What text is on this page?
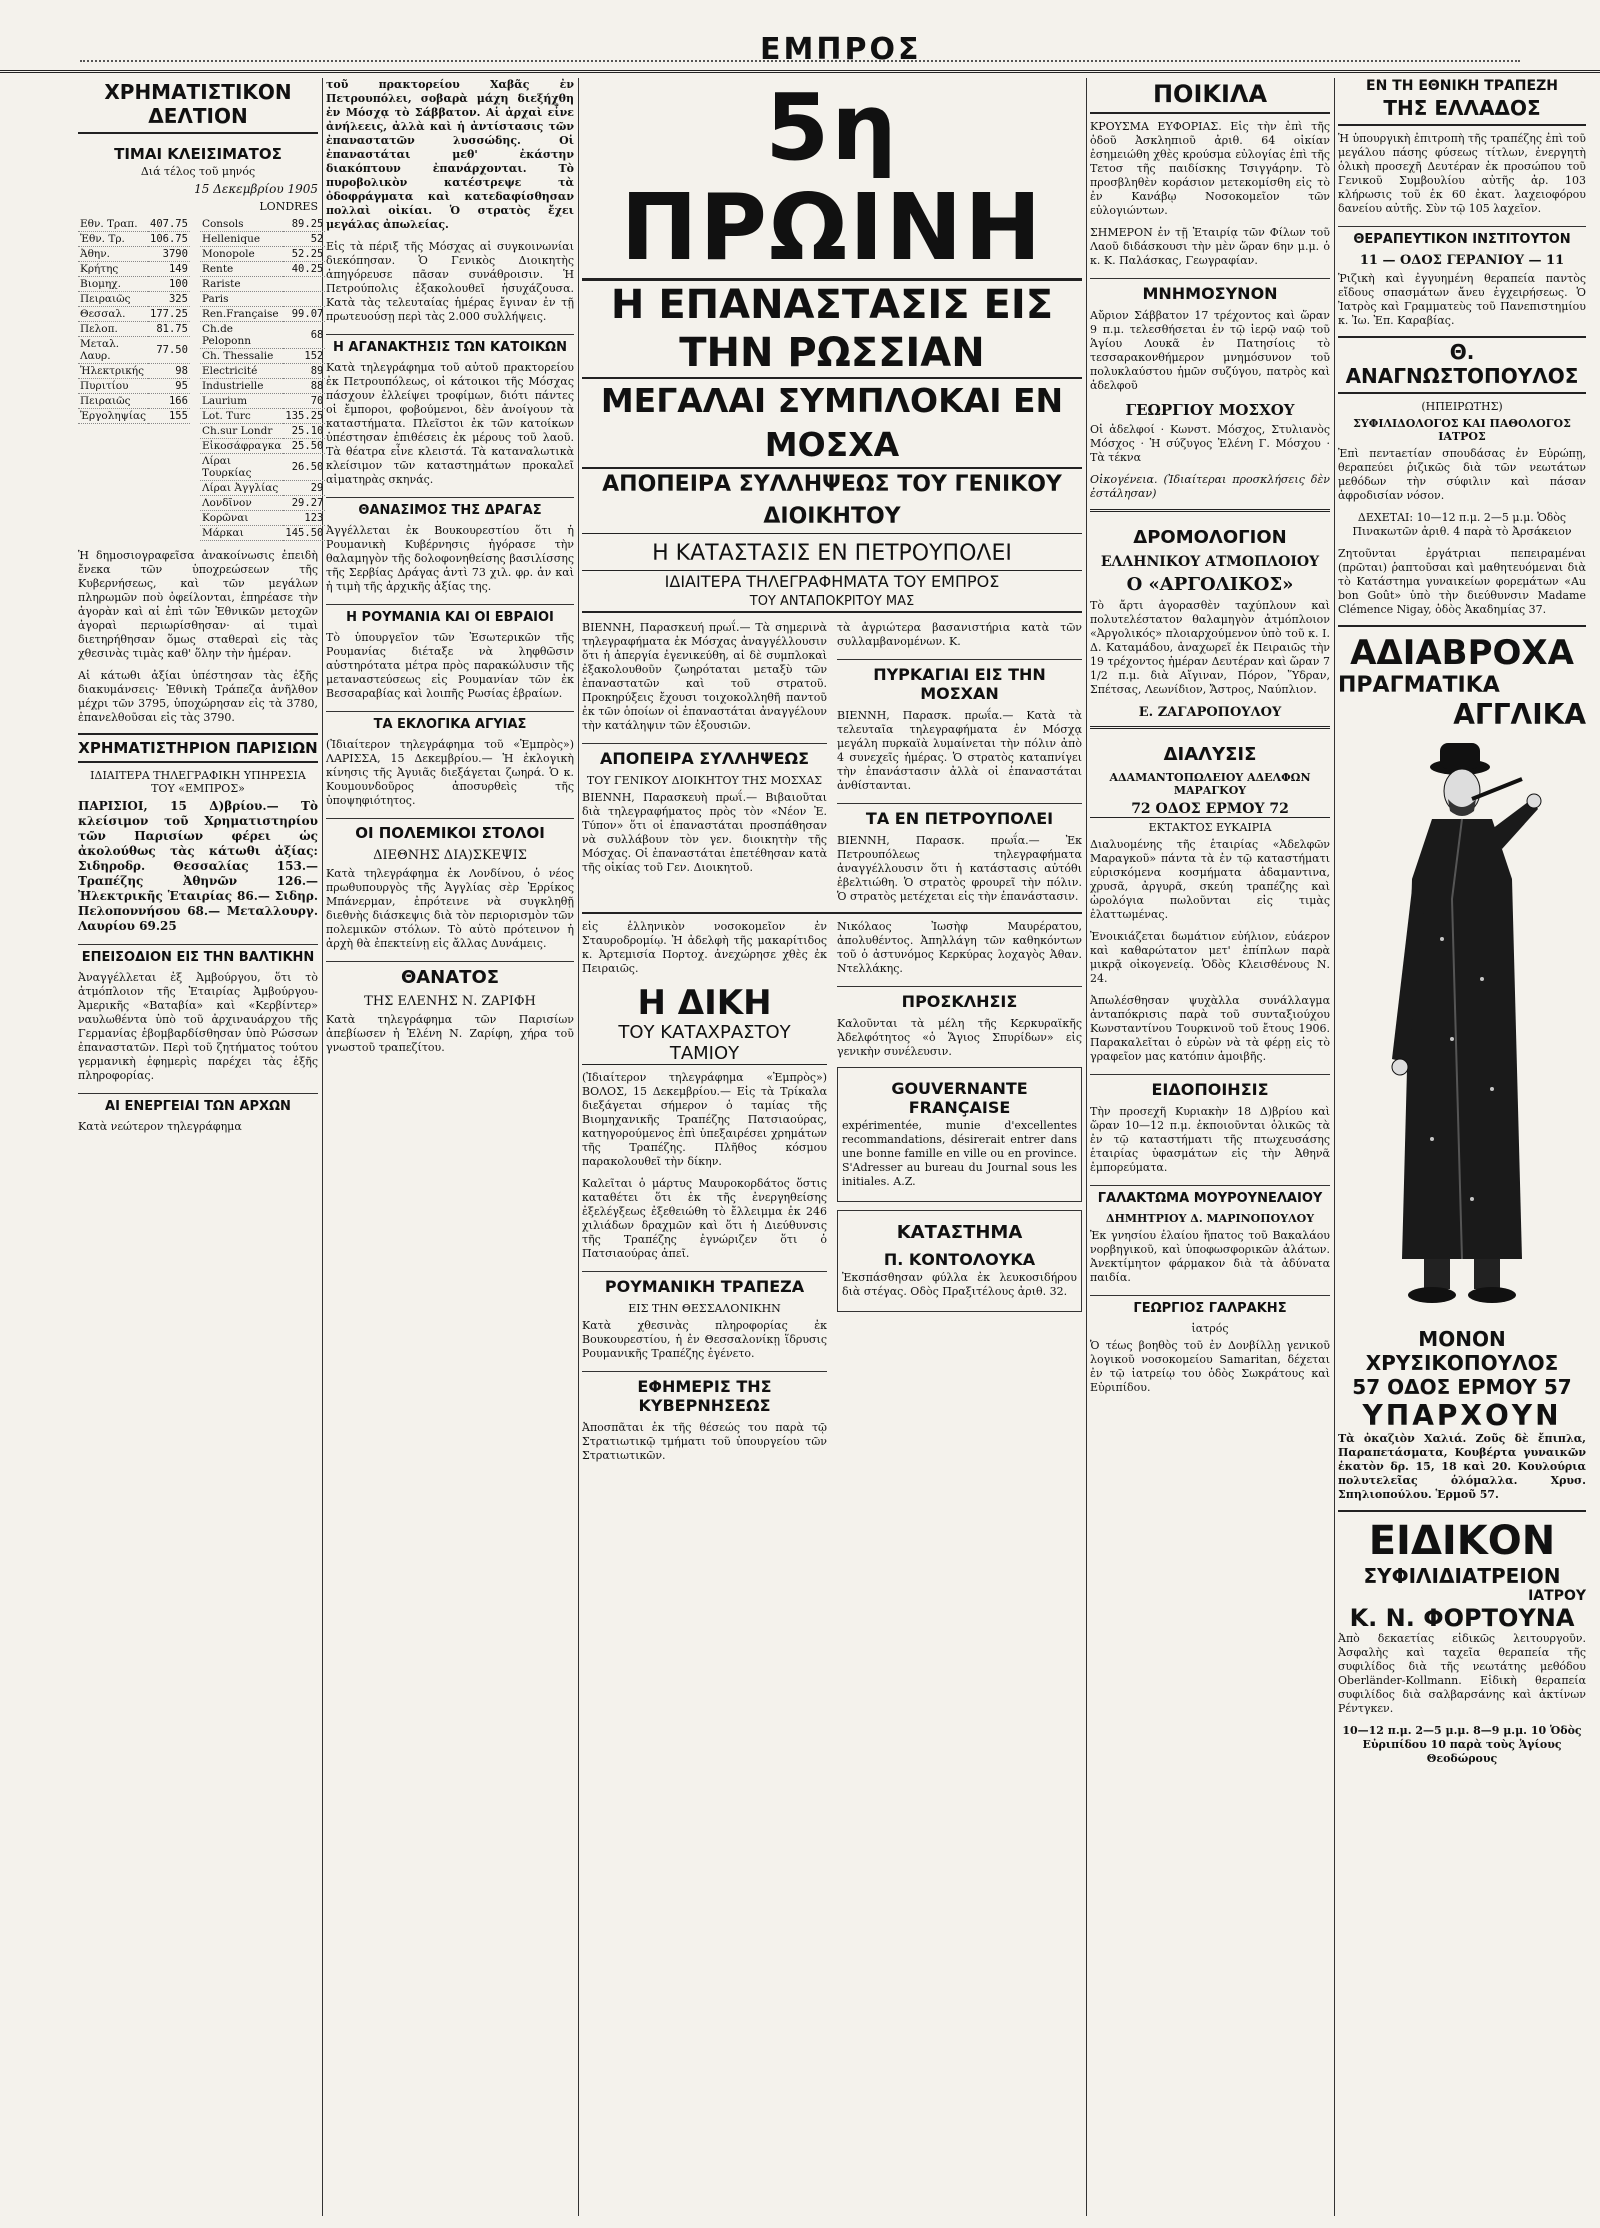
ΕΜΠΡΟΣ
ΧΡΗΜΑΤΙΣΤΙΚΟΝ ΔΕΛΤΙΟΝ
ΤΙΜΑΙ ΚΛΕΙΣΙΜΑΤΟΣ
Διά τέλος τοῦ μηνός
15 Δεκεμβρίου 1905
LONDRES
Εθν. Τραπ.	407.75
Ἐθν. Τρ.	106.75
Ἀθην.	3790
Κρήτης	149
Βιομηχ.	100
Πειραιῶς	325
Θεσσαλ.	177.25
Πελοπ.	81.75
Μεταλ. Λαυρ.	77.50
Ἠλεκτρικής	98
Πυριτίου	95
Πειραιῶς	166
Ἐργοληψίας	155
Consols	89.25
Hellenique	52
Monopole	52.25
Rente	40.25
Rariste	
Paris	
Ren.Française	99.07
Ch.de Peloponn	68
Ch. Thessalie	152
Electricité	89
Industrielle	88
Laurium	70
Lot. Turc	135.25
Ch.sur Londr	25.10
Εἰκοσάφραγκα	25.50
Λίραι Τουρκίας	26.50
Λίραι Ἀγγλίας	29
Λονδῖνον	29.27
Κορῶναι	123
Μάρκαι	145.50

Ἡ δημοσιογραφεῖσα ἀνακοίνωσις ἐπειδὴ ἔνεκα τῶν ὑποχρεώσεων τῆς Κυβερνήσεως, καὶ τῶν μεγάλων πληρωμῶν ποὺ ὀφείλονται, ἐπηρέασε τὴν ἀγορὰν καὶ αἱ ἐπὶ τῶν Ἐθνικῶν μετοχῶν ἀγοραὶ περιωρίσθησαν· αἱ τιμαὶ διετηρήθησαν ὅμως σταθεραὶ εἰς τὰς χθεσινὰς τιμὰς καθ' ὅλην τὴν ἡμέραν.

Αἱ κάτωθι ἀξίαι ὑπέστησαν τὰς ἑξῆς διακυμάνσεις· Ἐθνικὴ Τράπεζα ἀνῆλθον μέχρι τῶν 3795, ὑποχώρησαν εἰς τὰ 3780, ἐπανελθοῦσαι εἰς τὰς 3790.

ΧΡΗΜΑΤΙΣΤΗΡΙΟΝ ΠΑΡΙΣΙΩΝ
ΙΔΙΑΙΤΕΡΑ ΤΗΛΕΓΡΑΦΙΚΗ ΥΠΗΡΕΣΙΑ ΤΟΥ «ΕΜΠΡΟΣ»

ΠΑΡΙΣΙΟΙ, 15 Δ)βρίου.— Τὸ κλείσιμον τοῦ Χρηματιστηρίου τῶν Παρισίων φέρει ὡς ἀκολούθως τὰς κάτωθι ἀξίας: Σιδηροδρ. Θεσσαλίας 153.— Τραπέζης Ἀθηνῶν 126.— Ἠλεκτρικῆς Ἑταιρίας 86.— Σιδηρ. Πελοποννήσου 68.— Μεταλλουργ. Λαυρίου 69.25

ΕΠΕΙΣΟΔΙΟΝ ΕΙΣ ΤΗΝ ΒΑΛΤΙΚΗΝ

Ἀναγγέλλεται ἐξ Ἀμβούργου, ὅτι τὸ ἀτμόπλοιον τῆς Ἑταιρίας Ἀμβούργου-Ἀμερικῆς «Βαταβία» καὶ «Κερβίντερ» ναυλωθέντα ὑπὸ τοῦ ἀρχιναυάρχου τῆς Γερμανίας ἐβομβαρδίσθησαν ὑπὸ Ρώσσων ἐπαναστατῶν. Περὶ τοῦ ζητήματος τούτου γερμανικὴ ἐφημερὶς παρέχει τὰς ἑξῆς πληροφορίας.

ΑΙ ΕΝΕΡΓΕΙΑΙ ΤΩΝ ΑΡΧΩΝ

Κατὰ νεώτερον τηλεγράφημα

τοῦ πρακτορείου Χαβᾶς ἐν Πετρουπόλει, σοβαρὰ μάχη διεξήχθη ἐν Μόσχᾳ τὸ Σάββατον. Αἱ ἀρχαὶ εἶνε ἀνήλεεις, ἀλλὰ καὶ ἡ ἀντίστασις τῶν ἐπαναστατῶν λυσσώδης. Οἱ ἐπαναστάται μεθ' ἐκάστην διακόπτουν ἐπανάρχονται. Τὸ πυροβολικὸν κατέστρεψε τὰ ὀδοφράγματα καὶ κατεδαφίσθησαν πολλαὶ οἰκίαι. Ὁ στρατὸς ἔχει μεγάλας ἀπωλείας.

Εἰς τὰ πέριξ τῆς Μόσχας αἱ συγκοινωνίαι διεκόπησαν. Ὁ Γενικὸς Διοικητὴς ἀπηγόρευσε πᾶσαν συνάθροισιν. Ἡ Πετρούπολις ἐξακολουθεῖ ἡσυχάζουσα. Κατὰ τὰς τελευταίας ἡμέρας ἔγιναν ἐν τῇ πρωτευούσῃ περὶ τὰς 2.000 συλλήψεις.

Η ΑΓΑΝΑΚΤΗΣΙΣ ΤΩΝ ΚΑΤΟΙΚΩΝ

Κατὰ τηλεγράφημα τοῦ αὐτοῦ πρακτορείου ἐκ Πετρουπόλεως, οἱ κάτοικοι τῆς Μόσχας πάσχουν ἐλλείψει τροφίμων, διότι πάντες οἱ ἔμποροι, φοβούμενοι, δὲν ἀνοίγουν τὰ καταστήματα. Πλεῖστοι ἐκ τῶν κατοίκων ὑπέστησαν ἐπιθέσεις ἐκ μέρους τοῦ λαοῦ. Τὰ θέατρα εἶνε κλειστά. Τὰ καταναλωτικὰ κλείσιμον τῶν καταστημάτων προκαλεῖ αἱματηρὰς σκηνάς.

ΘΑΝΑΣΙΜΟΣ ΤΗΣ ΔΡΑΓΑΣ

Ἀγγέλλεται ἐκ Βουκουρεστίου ὅτι ἡ Ρουμανικὴ Κυβέρνησις ἠγόρασε τὴν θαλαμηγὸν τῆς δολοφονηθείσης βασιλίσσης τῆς Σερβίας Δράγας ἀντὶ 73 χιλ. φρ. ἀν καὶ ἡ τιμὴ τῆς ἀρχικῆς ἀξίας της.

Η ΡΟΥΜΑΝΙΑ ΚΑΙ ΟΙ ΕΒΡΑΙΟΙ

Τὸ ὑπουργεῖον τῶν Ἐσωτερικῶν τῆς Ρουμανίας διέταξε νὰ ληφθῶσιν αὐστηρότατα μέτρα πρὸς παρακώλυσιν τῆς μεταναστεύσεως εἰς Ρουμανίαν τῶν ἐκ Βεσσαραβίας καὶ λοιπῆς Ρωσίας ἑβραίων.

ΤΑ ΕΚΛΟΓΙΚΑ ΑΓΥΙΑΣ

(Ἰδιαίτερον τηλεγράφημα τοῦ «Ἐμπρὸς») ΛΑΡΙΣΣΑ, 15 Δεκεμβρίου.— Ἡ ἐκλογικὴ κίνησις τῆς Ἀγυιᾶς διεξάγεται ζωηρά. Ὁ κ. Κουμουνδοῦρος ἀποσυρθεὶς τῆς ὑποψηφιότητος.

ΟΙ ΠΟΛΕΜΙΚΟΙ ΣΤΟΛΟΙ
ΔΙΕΘΝΗΣ ΔΙΑ)ΣΚΕΨΙΣ

Κατὰ τηλεγράφημα ἐκ Λονδίνου, ὁ νέος πρωθυπουργὸς τῆς Ἀγγλίας σὲρ Ἐρρίκος Μπάνερμαν, ἐπρότεινε νὰ συγκληθῇ διεθνὴς διάσκεψις διὰ τὸν περιορισμὸν τῶν πολεμικῶν στόλων. Τὸ αὐτὸ πρότεινον ἠ ἀρχὴ θὰ ἐπεκτείνῃ εἰς ἄλλας Δυνάμεις.

ΘΑΝΑΤΟΣ
ΤΗΣ ΕΛΕΝΗΣ Ν. ΖΑΡΙΦΗ

Κατὰ τηλεγράφημα τῶν Παρισίων ἀπεβίωσεν ἡ Ἑλένη Ν. Ζαρίφη, χήρα τοῦ γνωστοῦ τραπεζίτου.

5η ΠΡΩΙΝΗ
Η ΕΠΑΝΑΣΤΑΣΙΣ ΕΙΣ ΤΗΝ ΡΩΣΣΙΑΝ
ΜΕΓΑΛΑΙ ΣΥΜΠΛΟΚΑΙ ΕΝ ΜΟΣΧΑ
ΑΠΟΠΕΙΡΑ ΣΥΛΛΗΨΕΩΣ ΤΟΥ ΓΕΝΙΚΟΥ ΔΙΟΙΚΗΤΟΥ
Η ΚΑΤΑΣΤΑΣΙΣ ΕΝ ΠΕΤΡΟΥΠΟΛΕΙ
ΙΔΙΑΙΤΕΡΑ ΤΗΛΕΓΡΑΦΗΜΑΤΑ ΤΟΥ ΕΜΠΡΟΣ
ΤΟΥ ΑΝΤΑΠΟΚΡΙΤΟΥ ΜΑΣ

ΒΙΕΝΝΗ, Παρασκευή πρωΐ.— Τὰ σημερινὰ τηλεγραφήματα ἐκ Μόσχας ἀναγγέλλουσιν ὅτι ἡ ἀπεργία ἐγενικεύθη, αἱ δὲ συμπλοκαὶ ἐξακολουθοῦν ζωηρόταται μεταξὺ τῶν ἐπαναστατῶν καὶ τοῦ στρατοῦ. Προκηρύξεις ἔχουσι τοιχοκολληθῆ παντοῦ ἐκ τῶν ὁποίων οἱ ἐπαναστάται ἀναγγέλουν τὴν κατάληψιν τῶν ἐξουσιῶν.

ΑΠΟΠΕΙΡΑ ΣΥΛΛΗΨΕΩΣ
ΤΟΥ ΓΕΝΙΚΟΥ ΔΙΟΙΚΗΤΟΥ ΤΗΣ ΜΟΣΧΑΣ

ΒΙΕΝΝΗ, Παρασκευὴ πρωΐ.— Βιβαιοῦται διὰ τηλεγραφήματος πρὸς τὸν «Νέον Ἐ. Τύπον» ὅτι οἱ ἐπαναστάται προσπάθησαν νὰ συλλάβουν τὸν γεν. διοικητὴν τῆς Μόσχας. Οἱ ἐπαναστάται ἐπετέθησαν κατὰ τῆς οἰκίας τοῦ Γεν. Διοικητοῦ.

τὰ ἀγριώτερα βασανιστήρια κατὰ τῶν συλλαμβανομένων. Κ.

ΠΥΡΚΑΓΙΑΙ ΕΙΣ ΤΗΝ ΜΟΣΧΑΝ

ΒΙΕΝΝΗ, Παρασκ. πρωΐα.— Κατὰ τὰ τελευταῖα τηλεγραφήματα ἐν Μόσχᾳ μεγάλη πυρκαϊὰ λυμαίνεται τὴν πόλιν ἀπὸ 4 συνεχεῖς ἡμέρας. Ὁ στρατὸς καταπνίγει τὴν ἐπανάστασιν ἀλλὰ οἱ ἐπαναστάται ἀνθίστανται.

ΤΑ ΕΝ ΠΕΤΡΟΥΠΟΛΕΙ

ΒΙΕΝΝΗ, Παρασκ. πρωΐα.— Ἐκ Πετρουπόλεως τηλεγραφήματα ἀναγγέλλουσιν ὅτι ἡ κατάστασις αὐτόθι ἐβελτιώθη. Ὁ στρατὸς φρουρεῖ τὴν πόλιν. Ὁ στρατὸς μετέχεται εἰς τὴν ἐπανάστασιν.

εἰς ἑλληνικὸν νοσοκομεῖον ἐν Σταυροδρομίῳ. Ἡ ἀδελφὴ τῆς μακαρίτιδος κ. Ἀρτεμισία Πορτοχ. ἀνεχώρησε χθὲς ἐκ Πειραιῶς.

Η ΔΙΚΗ
ΤΟΥ ΚΑΤΑΧΡΑΣΤΟΥ ΤΑΜΙΟΥ

(Ἰδιαίτερον τηλεγράφημα «Ἐμπρὸς») ΒΟΛΟΣ, 15 Δεκεμβρίου.— Εἰς τὰ Τρίκαλα διεξάγεται σήμερον ὁ ταμίας τῆς Βιομηχανικῆς Τραπέζης Πατσιαούρας, κατηγορούμενος ἐπὶ ὑπεξαιρέσει χρημάτων τῆς Τραπέζης. Πλῆθος κόσμου παρακολουθεῖ τὴν δίκην.

Καλεῖται ὁ μάρτυς Μαυροκορδάτος ὅστις καταθέτει ὅτι ἐκ τῆς ἐνεργηθείσης ἐξελέγξεως ἐξεθειώθη τὸ ἔλλειμμα ἐκ 246 χιλιάδων δραχμῶν καὶ ὅτι ἡ Διεύθυνσις τῆς Τραπέζης ἐγνώριζεν ὅτι ὁ Πατσιαούρας ἀπεῖ.

ΡΟΥΜΑΝΙΚΗ ΤΡΑΠΕΖΑ
ΕΙΣ ΤΗΝ ΘΕΣΣΑΛΟΝΙΚΗΝ

Κατὰ χθεσινὰς πληροφορίας ἐκ Βουκουρεστίου, ἡ ἐν Θεσσαλονίκῃ ἵδρυσις Ρουμανικῆς Τραπέζης ἐγένετο.

ΕΦΗΜΕΡΙΣ ΤΗΣ ΚΥΒΕΡΝΗΣΕΩΣ

Ἀποσπᾶται ἐκ τῆς θέσεώς του παρὰ τῷ Στρατιωτικῷ τμήματι τοῦ ὑπουργείου τῶν Στρατιωτικῶν.

Νικόλαος Ἰωσὴφ Μαυρέρατου, ἀπολυθέντος. Ἀπηλλάγη τῶν καθηκόντων τοῦ ὁ ἀστυνόμος Κερκύρας λοχαγὸς Ἀθαν. Ντελλάκης.

ΠΡΟΣΚΛΗΣΙΣ

Καλοῦνται τὰ μέλη τῆς Κερκυραϊκῆς Ἀδελφότητος «ὁ Ἅγιος Σπυρίδων» εἰς γενικὴν συνέλευσιν.

GOUVERNANTE FRANÇAISE

expérimentée, munie d'excellentes recommandations, désirerait entrer dans une bonne famille en ville ou en province. S'Adresser au bureau du Journal sous les initiales. A.Z.

ΚΑΤΑΣΤΗΜΑ
Π. ΚΟΝΤΟΛΟΥΚΑ

Ἐκσπάσθησαν φύλλα ἐκ λευκοσιδήρου διὰ στέγας. Οδὸς Πραξιτέλους ἀριθ. 32.

ΠΟΙΚΙΛΑ

ΚΡΟΥΣΜΑ ΕΥΦΟΡΙΑΣ. Εἰς τὴν ἐπὶ τῆς ὁδοῦ Ἀσκληπιοῦ ἀριθ. 64 οἰκίαν ἐσημειώθη χθὲς κρούσμα εὐλογίας ἐπὶ τῆς Τετοσ τῆς παιδίσκης Τσιγγάρην. Τὸ προσβληθὲν κοράσιον μετεκομίσθη εἰς τὸ ἐν Κανάβῳ Νοσοκομεῖον τῶν εὐλογιώντων.

ΣΗΜΕΡΟΝ ἐν τῇ Ἑταιρίᾳ τῶν Φίλων τοῦ Λαοῦ διδάσκουσι τὴν μὲν ὥραν 6ην μ.μ. ὁ κ. Κ. Παλάσκας, Γεωγραφίαν.

ΜΝΗΜΟΣΥΝΟΝ

Αὔριον Σάββατον 17 τρέχοντος καὶ ὥραν 9 π.μ. τελεσθήσεται ἐν τῷ ἱερῷ ναῷ τοῦ Ἁγίου Λουκᾶ ἐν Πατησίοις τὸ τεσσαρακονθήμερον μνημόσυνον τοῦ πολυκλαύστου ἡμῶν συζύγου, πατρὸς καὶ ἀδελφοῦ

ΓΕΩΡΓΙΟΥ ΜΟΣΧΟΥ

Οἱ ἀδελφοί · Κωνστ. Μόσχος, Στυλιανὸς Μόσχος · Ἡ σύζυγος Ἑλένη Γ. Μόσχου · Τὰ τέκνα

Οἰκογένεια. (Ἰδιαίτεραι προσκλήσεις δὲν ἐστάλησαν)

ΔΡΟΜΟΛΟΓΙΟΝ
ΕΛΛΗΝΙΚΟΥ ΑΤΜΟΠΛΟΙΟΥ
Ο «ΑΡΓΟΛΙΚΟΣ»

Τὸ ἄρτι ἀγορασθὲν ταχύπλουν καὶ πολυτελέστατον θαλαμηγὸν ἀτμόπλοιον «Ἀργολικός» πλοιαρχούμενον ὑπὸ τοῦ κ. Ι. Δ. Καταμάδου, ἀναχωρεῖ ἐκ Πειραιῶς τὴν 19 τρέχοντος ἡμέραν Δευτέραν καὶ ὥραν 7 1/2 π.μ. διὰ Αἴγιναν, Πόρον, Ὕδραν, Σπέτσας, Λεωνίδιον, Ἄστρος, Ναύπλιον.

Ε. ΖΑΓΑΡΟΠΟΥΛΟΥ
ΔΙΑΛΥΣΙΣ
ΑΔΑΜΑΝΤΟΠΩΛΕΙΟΥ ΑΔΕΛΦΩΝ ΜΑΡΑΓΚΟΥ
72 ΟΔΟΣ ΕΡΜΟΥ 72
ΕΚΤΑΚΤΟΣ ΕΥΚΑΙΡΙΑ

Διαλυομένης τῆς ἑταιρίας «Ἀδελφῶν Μαραγκοῦ» πάντα τὰ ἐν τῷ καταστήματι εὑρισκόμενα κοσμήματα ἀδαμαντινα, χρυσᾶ, ἀργυρᾶ, σκεύη τραπέζης καὶ ὡρολόγια πωλοῦνται εἰς τιμὰς ἐλαττωμένας.

Ἐνοικιάζεται δωμάτιον εὐήλιον, εὐάερον καὶ καθαρώτατον μετ' ἐπίπλων παρὰ μικρᾷ οἰκογενείᾳ. Ὁδὸς Κλεισθένους Ν. 24.

Ἀπωλέσθησαν ψυχὰλλα συνάλλαγμα ἀνταπόκρισις παρὰ τοῦ συνταξιούχου Κωνσταντίνου Τουρκινοῦ τοῦ ἔτους 1906. Παρακαλεῖται ὁ εὑρὼν νὰ τὰ φέρῃ εἰς τὸ γραφεῖον μας κατόπιν ἀμοιβῆς.

ΕΙΔΟΠΟΙΗΣΙΣ

Τὴν προσεχῆ Κυριακὴν 18 Δ)βρίου καὶ ὥραν 10—12 π.μ. ἐκποιοῦνται ὁλικῶς τὰ ἐν τῷ καταστήματι τῆς πτωχευσάσης ἑταιρίας ὑφασμάτων εἰς τὴν Ἀθηνᾶ ἐμπορεύματα.

ΓΑΛΑΚΤΩΜΑ ΜΟΥΡΟΥΝΕΛΑΙΟΥ
ΔΗΜΗΤΡΙΟΥ Δ. ΜΑΡΙΝΟΠΟΥΛΟΥ

Ἐκ γνησίου ἐλαίου ἥπατος τοῦ Βακαλάου νορβηγικοῦ, καὶ ὑποφωσφορικῶν ἀλάτων. Ἀνεκτίμητον φάρμακον διὰ τὰ ἀδύνατα παιδία.

ΓΕΩΡΓΙΟΣ ΓΑΛΡΑΚΗΣ
ἰατρός

Ὁ τέως βοηθὸς τοῦ ἐν Δονβίλλῃ γενικοῦ λογικοῦ νοσοκομείου Samaritan, δέχεται ἐν τῷ ἰατρείῳ του ὁδὸς Σωκράτους καὶ Εὐριπίδου.

ΕΝ ΤΗ ΕΘΝΙΚΗ ΤΡΑΠΕΖΗ
ΤΗΣ ΕΛΛΑΔΟΣ

Ἡ ὑπουργικὴ ἐπιτροπὴ τῆς τραπέζης ἐπὶ τοῦ μεγάλου πάσης φύσεως τίτλων, ἐνεργητὴ ὁλικὴ προσεχῆ Δευτέραν ἐκ προσώπου τοῦ Γενικοῦ Συμβουλίου αὐτῆς ἀρ. 103 κλήρωσις τοῦ ἐκ 60 ἐκατ. λαχειοφόρου δανείου αὐτῆς. Σὺν τῷ 105 λαχεῖον.

ΘΕΡΑΠΕΥΤΙΚΟΝ ΙΝΣΤΙΤΟΥΤΟΝ
11 — ΟΔΟΣ ΓΕΡΑΝΙΟΥ — 11

Ῥιζικὴ καὶ ἐγγυημένη θεραπεία παντὸς εἴδους σπασμάτων ἄνευ ἐγχειρήσεως. Ὁ Ἰατρὸς καὶ Γραμματεὺς τοῦ Πανεπιστημίου κ. Ἰω. Ἐπ. Καραβίας.

Θ. ΑΝΑΓΝΩΣΤΟΠΟΥΛΟΣ
(ΗΠΕΙΡΩΤΗΣ)
ΣΥΦΙΛΙΔΟΛΟΓΟΣ ΚΑΙ ΠΑΘΟΛΟΓΟΣ ΙΑΤΡΟΣ

Ἐπὶ πεντaετίαν σπουδάσας ἐν Εὐρώπῃ, θεραπεύει ῥιζικῶς διὰ τῶν νεωτάτων μεθόδων τὴν σύφιλιν καὶ πάσαν ἀφροδισίαν νόσον.

ΔΕΧΕΤΑΙ: 10—12 π.μ. 2—5 μ.μ. Ὁδὸς Πινακωτῶν ἀριθ. 4 παρὰ τὸ Ἀρσάκειον

Ζητοῦνται ἐργάτριαι πεπειραμέναι (πρῶται) ῥαπτοῦσαι καὶ μαθητευόμεναι διὰ τὸ Κατάστημα γυναικείων φορεμάτων «Au bon Goût» ὑπὸ τὴν διεύθυνσιν Madame Clémence Nigay, ὁδὸς Ἀκαδημίας 37.

ΑΔΙΑΒΡΟΧΑ
ΠΡΑΓΜΑΤΙΚΑ
ΑΓΓΛΙΚΑ
ΜΟΝΟΝ ΧΡΥΣΙΚΟΠΟΥΛΟΣ
57 ΟΔΟΣ ΕΡΜΟΥ 57
ΥΠΑΡΧΟΥΝ

Τὰ ὀκαζιὸν Χαλιά. Ζοῦς δὲ ἔπιπλα, Παραπετάσματα, Κουβέρτα γυναικῶν ἑκατὸν δρ. 15, 18 καὶ 20. Κουλούρια πολυτελεῖας ὁλόμαλλα. Χρυσ. Σπηλιοπούλου. Ἑρμοῦ 57.

ΕΙΔΙΚΟΝ
ΣΥΦΙΛΙΔΙΑΤΡΕΙΟΝ
ΙΑΤΡΟΥ
Κ. Ν. ΦΟΡΤΟΥΝΑ

Ἀπὸ δεκαετίας εἰδικῶς λειτουργοῦν. Ἀσφαλὴς καὶ ταχεῖα θεραπεία τῆς συφιλίδος διὰ τῆς νεωτάτης μεθόδου Oberländer-Kollmann. Εἰδικὴ θεραπεία συφιλίδος διὰ σαλβαρσάνης καὶ ἀκτίνων Ρέντγκεν.

10—12 π.μ. 2—5 μ.μ. 8—9 μ.μ. 10 Ὁδὸς Εὐριπίδου 10 παρὰ τοὺς Ἁγίους Θεοδώρους
